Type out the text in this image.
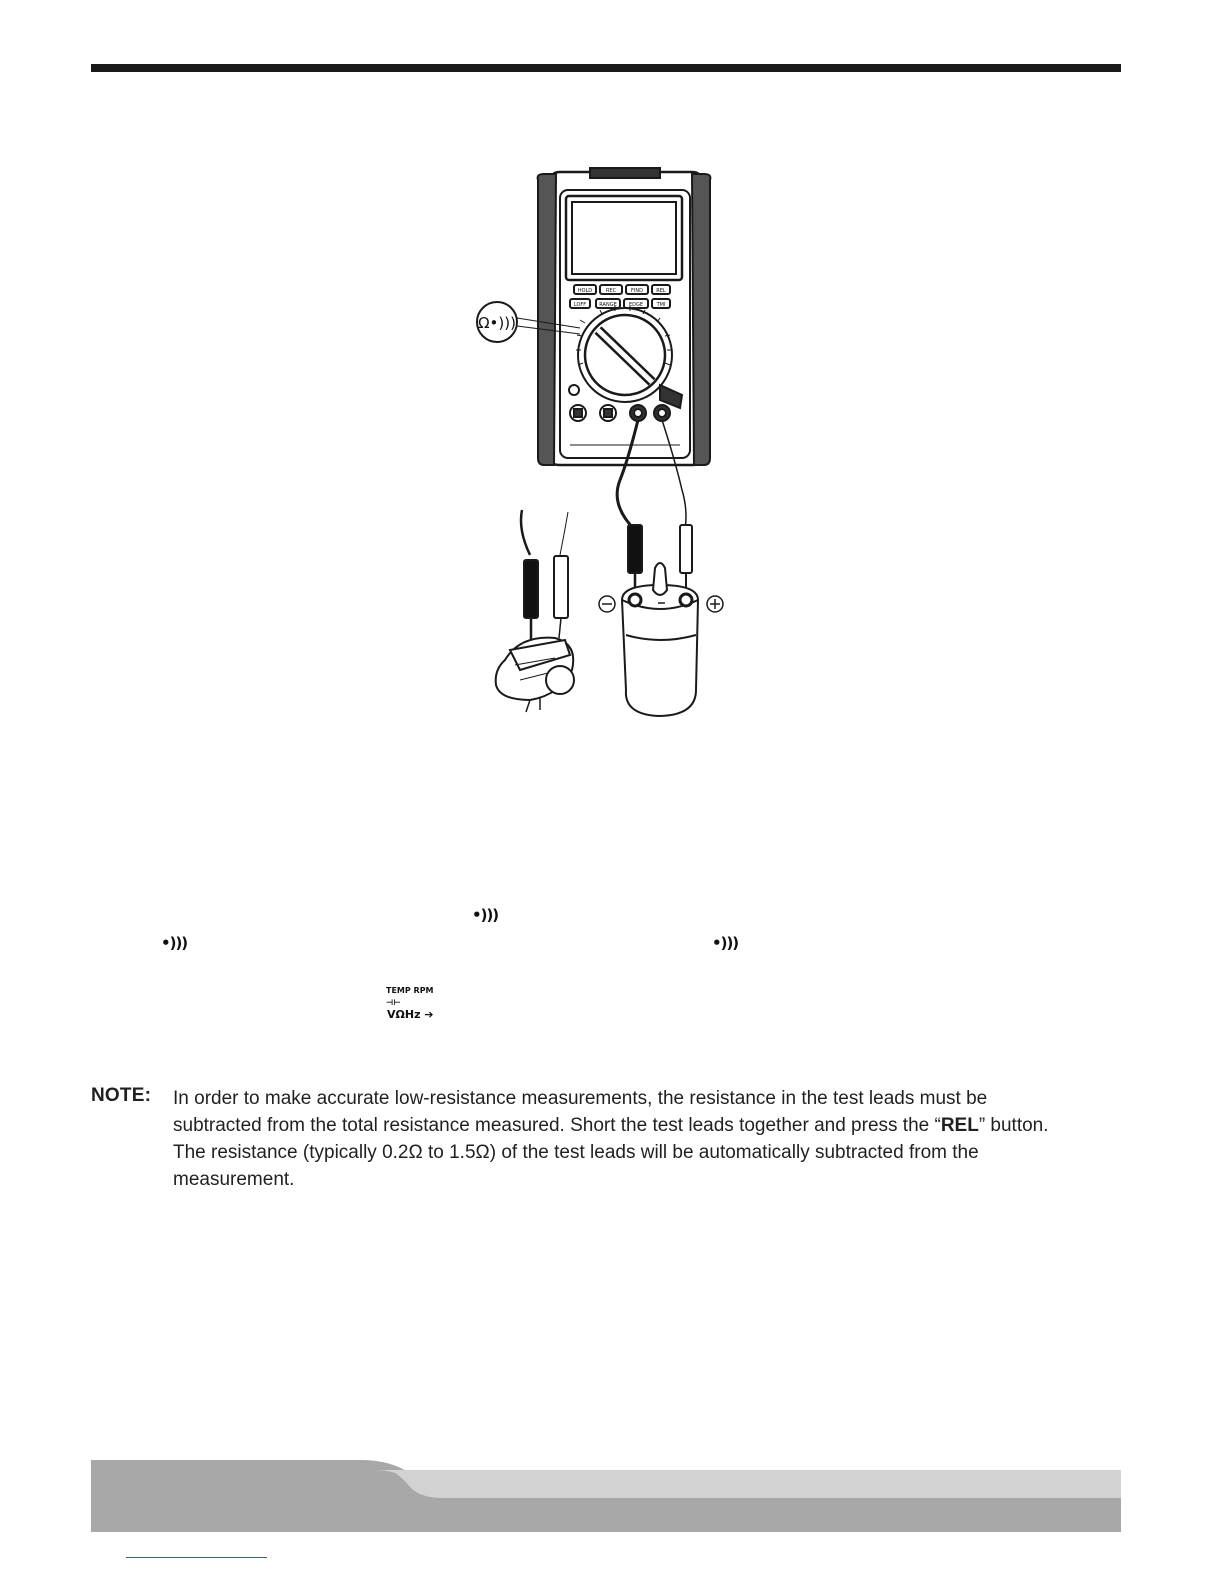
Ω•)))
HOLD	REC	FIND	REL
LOFF	RANGE EDGE	TMI
•)))
•)))	•)))
TEMP RPM ⊣⊢
VΩHz ➔
NOTE: In order to make accurate low-resistance measurements, the resistance in the test leads must be subtracted from the total resistance measured. Short the test leads together and press the “REL” button. The resistance (typically 0.2Ω to 1.5Ω) of the test leads will be automatically subtracted from the measurement.
